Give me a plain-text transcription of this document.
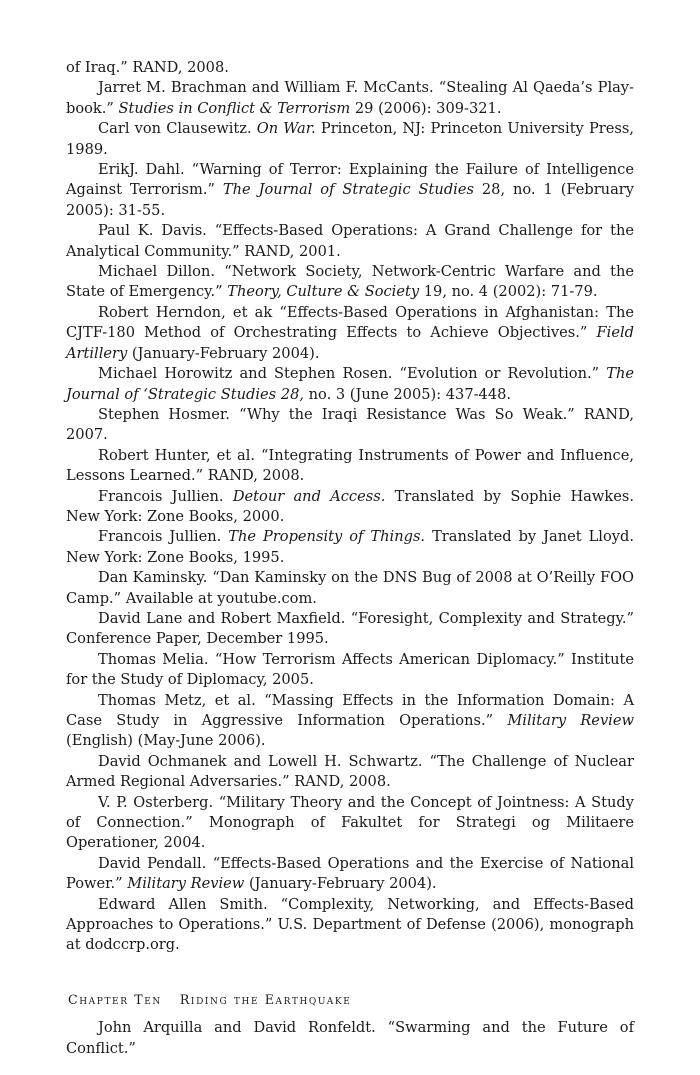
of Iraq.” RAND, 2008.

Jarret M. Brachman and William F. McCants. “Stealing Al Qaeda’s Play-book.” Studies in Conflict & Terrorism 29 (2006): 309-321.

Carl von Clausewitz. On War. Princeton, NJ: Princeton University Press, 1989.

ErikJ. Dahl. “Warning of Terror: Explaining the Failure of Intelligence Against Terrorism.” The Journal of Strategic Studies 28, no. 1 (February 2005): 31-55.

Paul K. Davis. “Effects-Based Operations: A Grand Challenge for the Analytical Community.” RAND, 2001.

Michael Dillon. “Network Society, Network-Centric Warfare and the State of Emergency.” Theory, Culture & Society 19, no. 4 (2002): 71-79.

Robert Herndon, et ak “Effects-Based Operations in Afghanistan: The CJTF-180 Method of Orchestrating Effects to Achieve Objectives.” Field Artillery (January-February 2004).

Michael Horowitz and Stephen Rosen. “Evolution or Revolution.” The Journal of ‘Strategic Studies 28, no. 3 (June 2005): 437-448.

Stephen Hosmer. “Why the Iraqi Resistance Was So Weak.” RAND, 2007.

Robert Hunter, et al. “Integrating Instruments of Power and Influence, Lessons Learned.” RAND, 2008.

Francois Jullien. Detour and Access. Translated by Sophie Hawkes. New York: Zone Books, 2000.

Francois Jullien. The Propensity of Things. Translated by Janet Lloyd. New York: Zone Books, 1995.

Dan Kaminsky. “Dan Kaminsky on the DNS Bug of 2008 at O’Reilly FOO Camp.” Available at youtube.com.

David Lane and Robert Maxfield. “Foresight, Complexity and Strategy.” Conference Paper, December 1995.

Thomas Melia. “How Terrorism Affects American Diplomacy.” Institute for the Study of Diplomacy, 2005.

Thomas Metz, et al. “Massing Effects in the Information Domain: A Case Study in Aggressive Information Operations.” Military Review (English) (May-June 2006).

David Ochmanek and Lowell H. Schwartz. “The Challenge of Nuclear Armed Regional Adversaries.” RAND, 2008.

V. P. Osterberg. “Military Theory and the Concept of Jointness: A Study of Connection.” Monograph of Fakultet for Strategi og Militaere Operationer, 2004.

David Pendall. “Effects-Based Operations and the Exercise of National Power.” Military Review (January-February 2004).

Edward Allen Smith. “Complexity, Networking, and Effects-Based Approaches to Operations.” U.S. Department of Defense (2006), monograph at dodccrp.org.

Chapter Ten Riding the Earthquake

John Arquilla and David Ronfeldt. “Swarming and the Future of Conflict.”
